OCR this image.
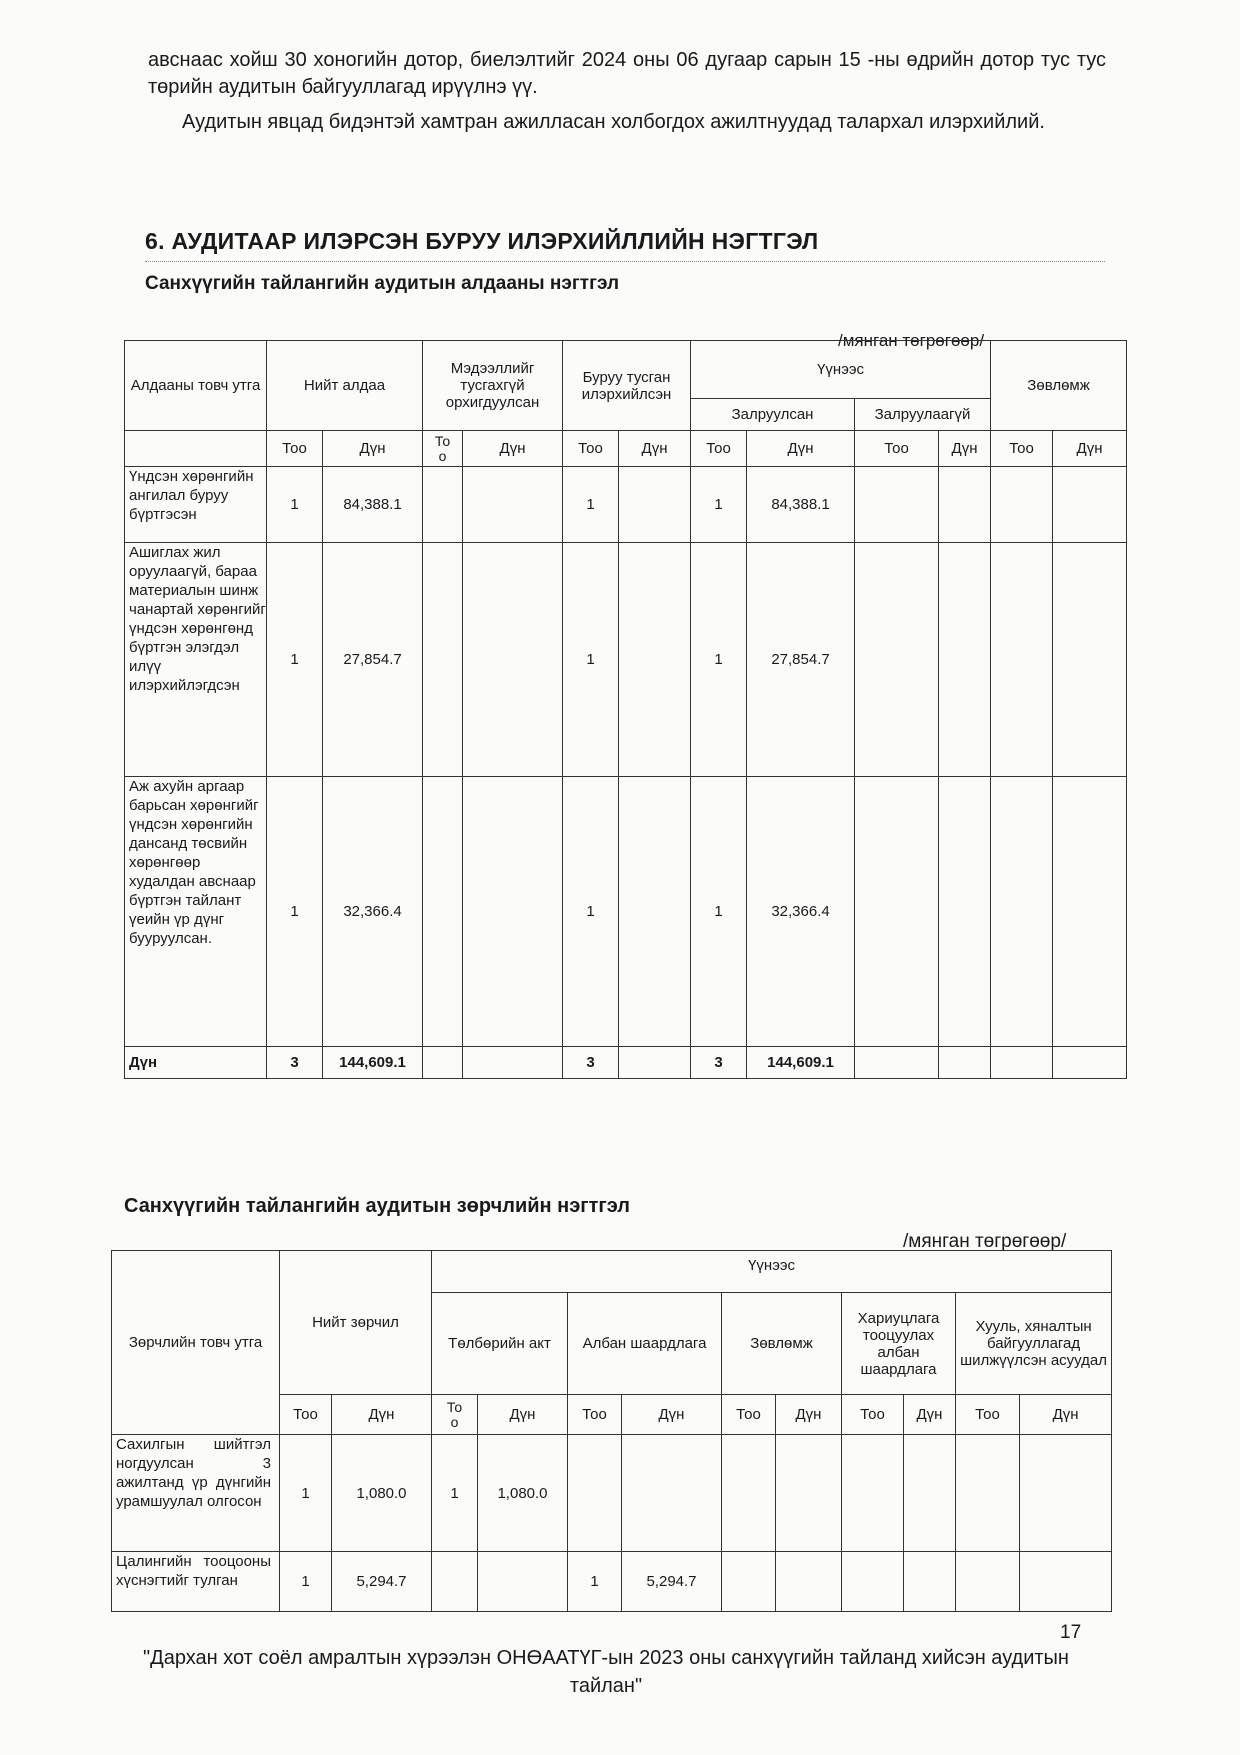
авснаас хойш 30 хоногийн дотор, биелэлтийг 2024 оны 06 дугаар сарын 15 -ны өдрийн дотор тус тус төрийн аудитын байгууллагад ирүүлнэ үү.
Аудитын явцад бидэнтэй хамтран ажилласан холбогдох ажилтнуудад талархал илэрхийлий.
6. АУДИТААР ИЛЭРСЭН БУРУУ ИЛЭРХИЙЛЛИЙН НЭГТГЭЛ
Санхүүгийн тайлангийн аудитын алдааны нэгтгэл
/мянган төгрөгөөр/
Алдааны товч утга	Нийт алдаа		Мэдээллийг тусгахгүй орхигдуулсан		Буруу тусган илэрхийлсэн		Үүнээс				Зөвлөмж	
							Залруулсан		Залруулаагүй			
	Тоо	Дүн	То о	Дүн	Тоо	Дүн	Тоо	Дүн	Тоо	Дүн	Тоо	Дүн
Үндсэн хөрөнгийн ангилал буруу бүртгэсэн	1	84,388.1			1		1	84,388.1				
Ашиглах жил оруулаагүй, бараа материалын шинж чанартай хөрөнгийг үндсэн хөрөнгөнд бүртгэн элэгдэл илүү илэрхийлэгдсэн	1	27,854.7			1		1	27,854.7				
Аж ахуйн аргаар барьсан хөрөнгийг үндсэн хөрөнгийн дансанд төсвийн хөрөнгөөр худалдан авснаар бүртгэн тайлант үеийн үр дүнг бууруулсан.	1	32,366.4			1		1	32,366.4				
Дүн	3	144,609.1			3		3	144,609.1				
Санхүүгийн тайлангийн аудитын зөрчлийн нэгтгэл
/мянган төгрөгөөр/
Зөрчлийн товч утга	Нийт зөрчил		Үүнээс									
			Төлбөрийн акт		Албан шаардлага		Зөвлөмж		Хариуцлага тооцуулах албан шаардлага		Хууль, хяналтын байгууллагад шилжүүлсэн асуудал	
	Тоо	Дүн	То о	Дүн	Тоо	Дүн	Тоо	Дүн	Тоо	Дүн	Тоо	Дүн
Сахилгын шийтгэл ногдуулсан 3 ажилтанд үр дүнгийн урамшуулал олгосон	1	1,080.0	1	1,080.0								
Цалингийн тооцооны хүснэгтийг тулган	1	5,294.7			1	5,294.7						
17
"Дархан хот соёл амралтын хүрээлэн ОНӨААТҮГ-ын 2023 оны санхүүгийн тайланд хийсэн аудитын тайлан"
